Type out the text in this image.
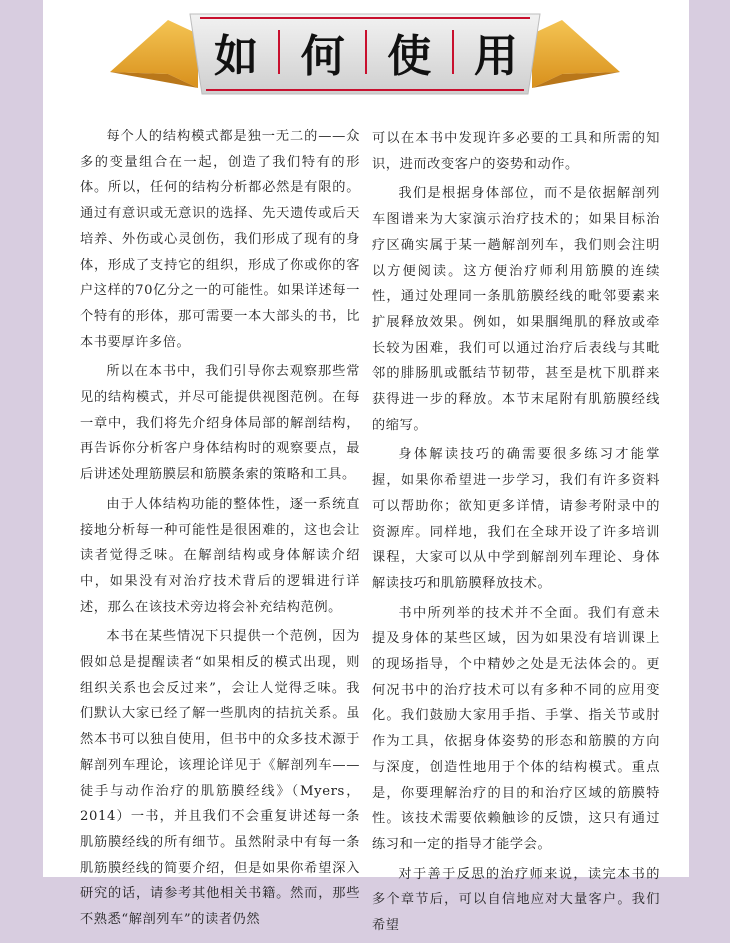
如 何 使 用

每个人的结构模式都是独一无二的——众多的变量组合在一起，创造了我们特有的形体。所以，任何的结构分析都必然是有限的。通过有意识或无意识的选择、先天遗传或后天培养、外伤或心灵创伤，我们形成了现有的身体，形成了支持它的组织，形成了你或你的客户这样的70亿分之一的可能性。如果详述每一个特有的形体，那可需要一本大部头的书，比本书要厚许多倍。

所以在本书中，我们引导你去观察那些常见的结构模式，并尽可能提供视图范例。在每一章中，我们将先介绍身体局部的解剖结构，再告诉你分析客户身体结构时的观察要点，最后讲述处理筋膜层和筋膜条索的策略和工具。

由于人体结构功能的整体性，逐一系统直接地分析每一种可能性是很困难的，这也会让读者觉得乏味。在解剖结构或身体解读介绍中，如果没有对治疗技术背后的逻辑进行详述，那么在该技术旁边将会补充结构范例。

本书在某些情况下只提供一个范例，因为假如总是提醒读者“如果相反的模式出现，则组织关系也会反过来”，会让人觉得乏味。我们默认大家已经了解一些肌肉的拮抗关系。虽然本书可以独自使用，但书中的众多技术源于解剖列车理论，该理论详见于《解剖列车——徒手与动作治疗的肌筋膜经线》（Myers，2014）一书，并且我们不会重复讲述每一条肌筋膜经线的所有细节。虽然附录中有每一条肌筋膜经线的简要介绍，但是如果你希望深入研究的话，请参考其他相关书籍。然而，那些不熟悉“解剖列车”的读者仍然

可以在本书中发现许多必要的工具和所需的知识，进而改变客户的姿势和动作。

我们是根据身体部位，而不是依据解剖列车图谱来为大家演示治疗技术的；如果目标治疗区确实属于某一趟解剖列车，我们则会注明以方便阅读。这方便治疗师利用筋膜的连续性，通过处理同一条肌筋膜经线的毗邻要素来扩展释放效果。例如，如果腘绳肌的释放或牵长较为困难，我们可以通过治疗后表线与其毗邻的腓肠肌或骶结节韧带，甚至是枕下肌群来获得进一步的释放。本节末尾附有肌筋膜经线的缩写。

身体解读技巧的确需要很多练习才能掌握，如果你希望进一步学习，我们有许多资料可以帮助你；欲知更多详情，请参考附录中的资源库。同样地，我们在全球开设了许多培训课程，大家可以从中学到解剖列车理论、身体解读技巧和肌筋膜释放技术。

书中所列举的技术并不全面。我们有意未提及身体的某些区域，因为如果没有培训课上的现场指导，个中精妙之处是无法体会的。更何况书中的治疗技术可以有多种不同的应用变化。我们鼓励大家用手指、手掌、指关节或肘作为工具，依据身体姿势的形态和筋膜的方向与深度，创造性地用于个体的结构模式。重点是，你要理解治疗的目的和治疗区域的筋膜特性。该技术需要依赖触诊的反馈，这只有通过练习和一定的指导才能学会。

对于善于反思的治疗师来说，读完本书的多个章节后，可以自信地应对大量客户。我们希望
